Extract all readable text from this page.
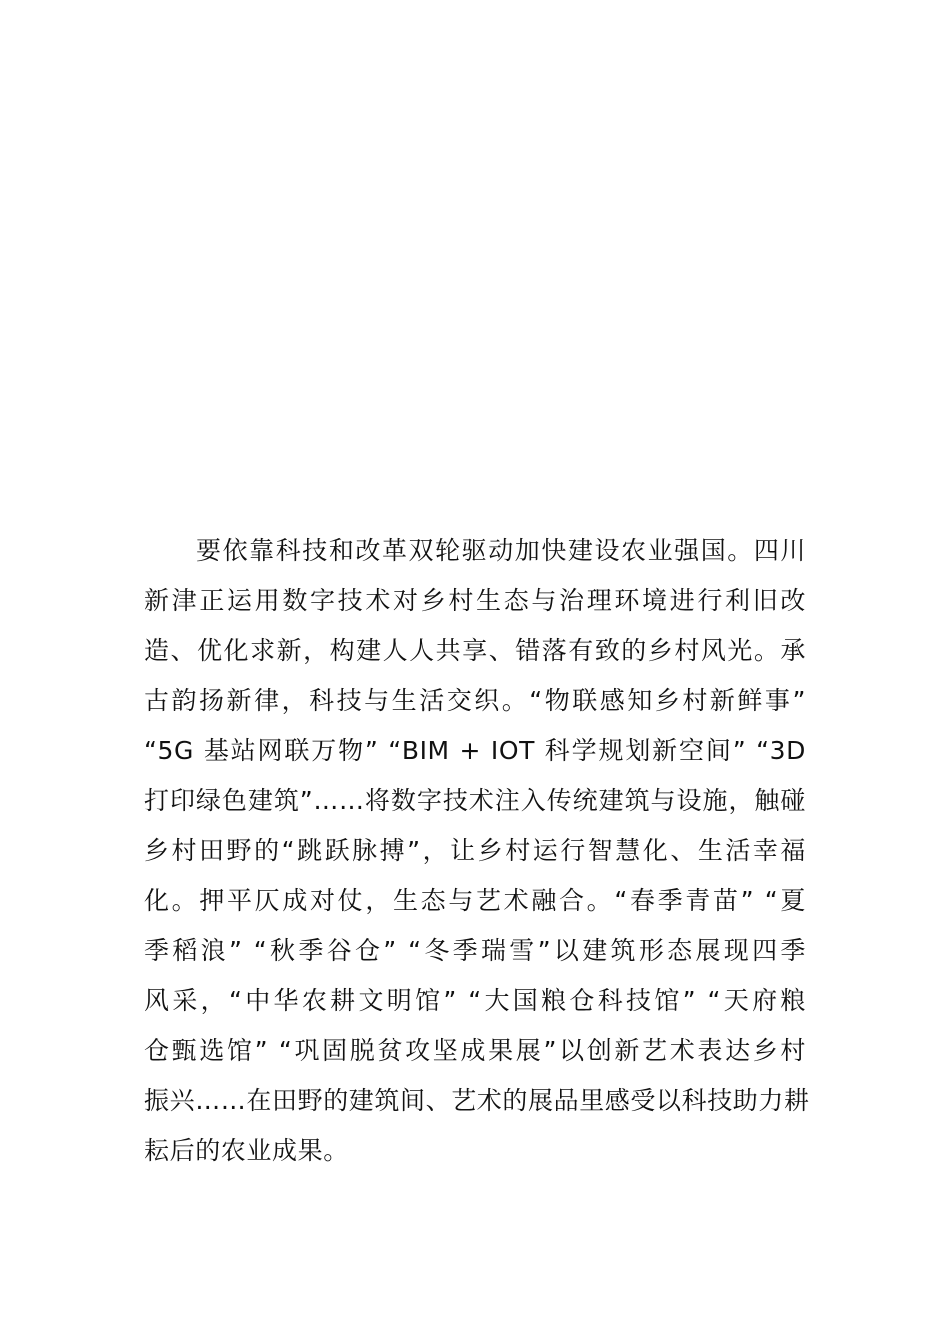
要依靠科技和改革双轮驱动加快建设农业强国。四川
新津正运用数字技术对乡村生态与治理环境进行利旧改
造、优化求新，构建人人共享、错落有致的乡村风光。承
古韵扬新律，科技与生活交织。“物联感知乡村新鲜事”
“5G 基站网联万物” “BIM + IOT 科学规划新空间” “3D
打印绿色建筑”……将数字技术注入传统建筑与设施，触碰
乡村田野的“跳跃脉搏”，让乡村运行智慧化、生活幸福
化。押平仄成对仗，生态与艺术融合。“春季青苗” “夏
季稻浪” “秋季谷仓” “冬季瑞雪”以建筑形态展现四季
风采，“中华农耕文明馆” “大国粮仓科技馆” “天府粮
仓甄选馆” “巩固脱贫攻坚成果展”以创新艺术表达乡村
振兴……在田野的建筑间、艺术的展品里感受以科技助力耕
耘后的农业成果。
